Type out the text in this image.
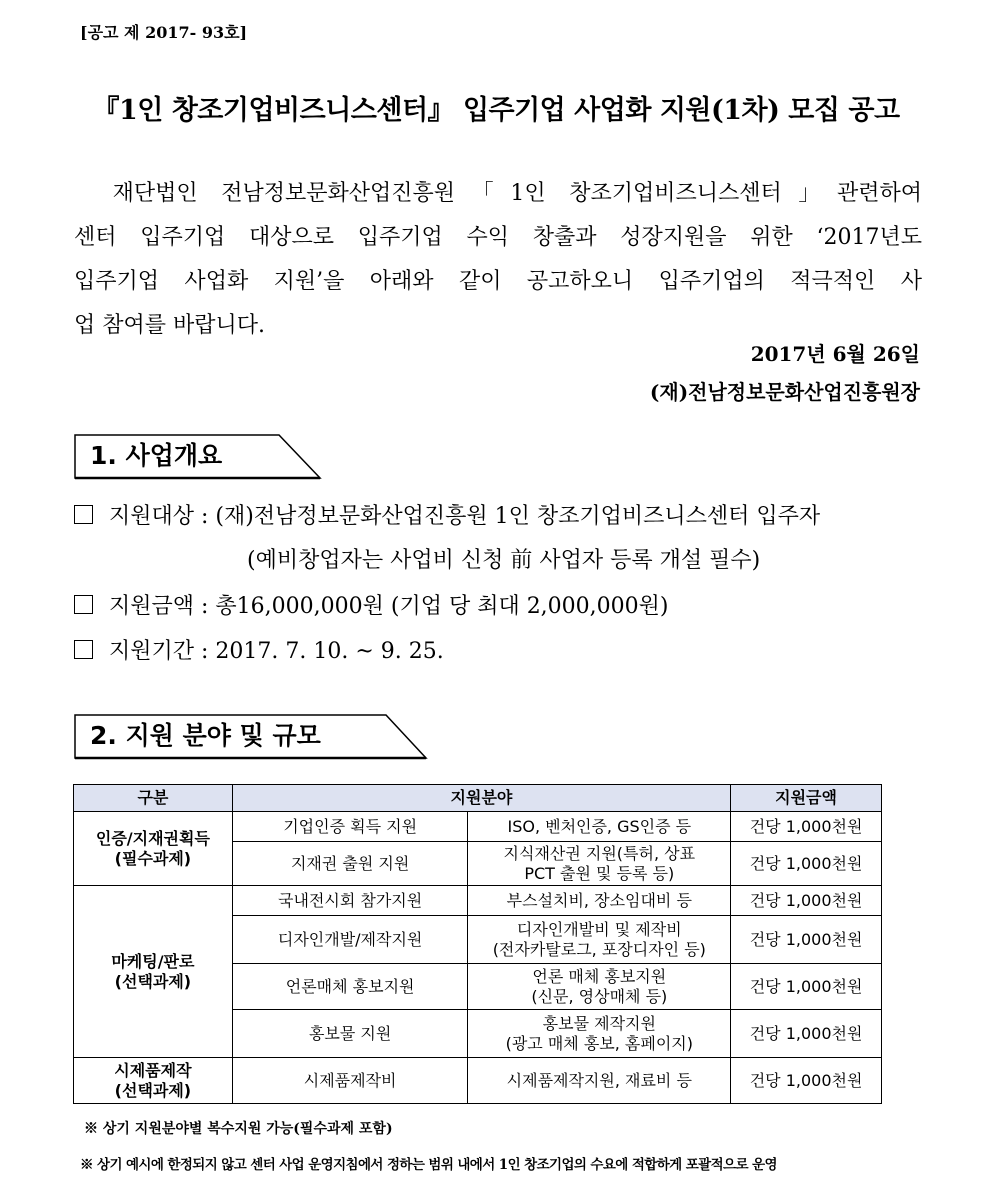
[공고 제 2017- 93호]
『1인 창조기업비즈니스센터』 입주기업 사업화 지원(1차) 모집 공고
　재단법인 전남정보문화산업진흥원「1인 창조기업비즈니스센터」관련하여
센터 입주기업 대상으로 입주기업 수익 창출과 성장지원을 위한 ‘2017년도
입주기업 사업화 지원’을 아래와 같이 공고하오니 입주기업의 적극적인 사
업 참여를 바랍니다.
2017년 6월 26일
(재)전남정보문화산업진흥원장
1. 사업개요
지원대상 : (재)전남정보문화산업진흥원 1인 창조기업비즈니스센터 입주자
(예비창업자는 사업비 신청 前 사업자 등록 개설 필수)
지원금액 : 총16,000,000원 (기업 당 최대 2,000,000원)
지원기간 : 2017. 7. 10. ~ 9. 25.
2. 지원 분야 및 규모
구분	지원분야		지원금액
인증/지재권획득
(필수과제)	기업인증 획득 지원	ISO, 벤처인증, GS인증 등	건당 1,000천원
	지재권 출원 지원	지식재산권 지원(특허, 상표
PCT 출원 및 등록 등)	건당 1,000천원
마케팅/판로
(선택과제)	국내전시회 참가지원	부스설치비, 장소임대비 등	건당 1,000천원
	디자인개발/제작지원	디자인개발비 및 제작비
(전자카탈로그, 포장디자인 등)	건당 1,000천원
	언론매체 홍보지원	언론 매체 홍보지원
(신문, 영상매체 등)	건당 1,000천원
	홍보물 지원	홍보물 제작지원
(광고 매체 홍보, 홈페이지)	건당 1,000천원
시제품제작
(선택과제)	시제품제작비	시제품제작지원, 재료비 등	건당 1,000천원
※ 상기 지원분야별 복수지원 가능(필수과제 포함)
※ 상기 예시에 한정되지 않고 센터 사업 운영지침에서 정하는 범위 내에서 1인 창조기업의 수요에 적합하게 포괄적으로 운영
